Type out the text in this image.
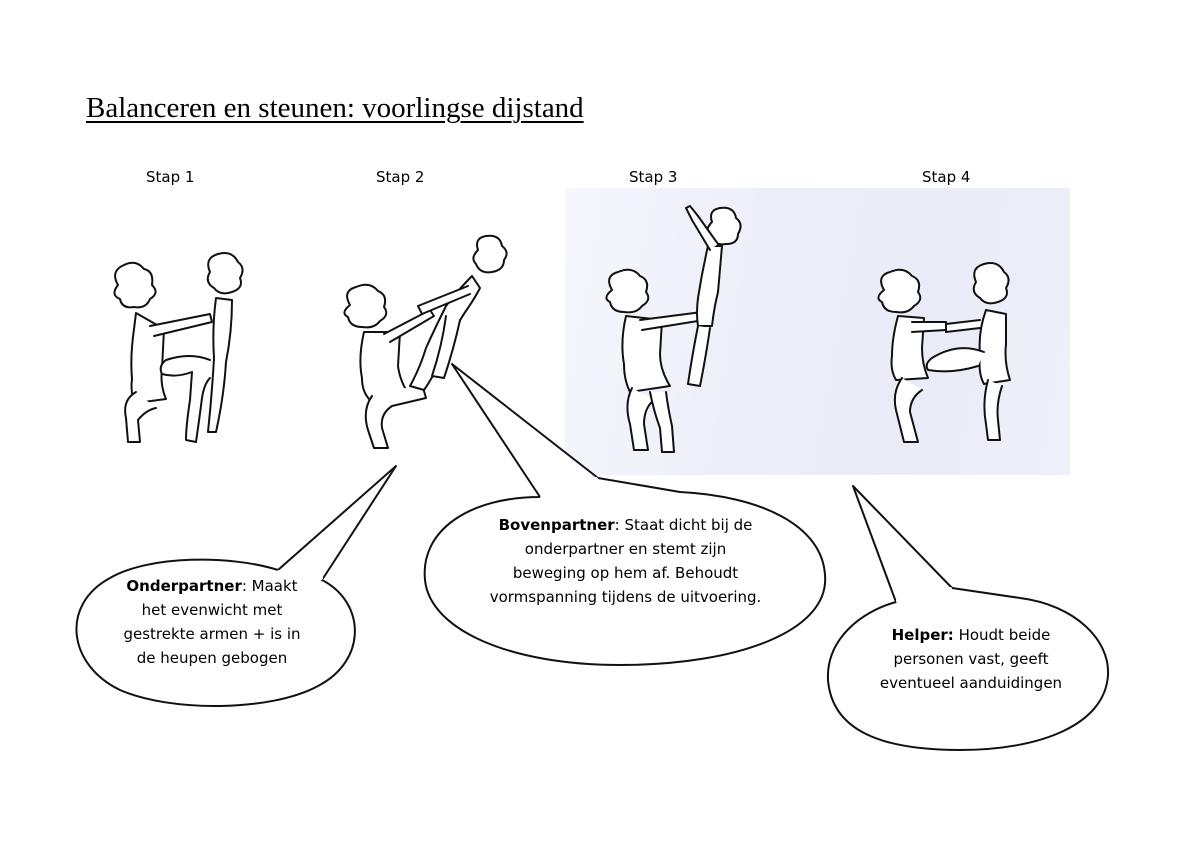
Balanceren en steunen: voorlingse dijstand
Stap 1	Stap 2	Stap 3	Stap 4
Onderpartner: Maakt het evenwicht met gestrekte armen + is in de heupen gebogen
Bovenpartner: Staat dicht bij de onderpartner en stemt zijn beweging op hem af. Behoudt vormspanning tijdens de uitvoering.
Helper: Houdt beide personen vast, geeft eventueel aanduidingen
